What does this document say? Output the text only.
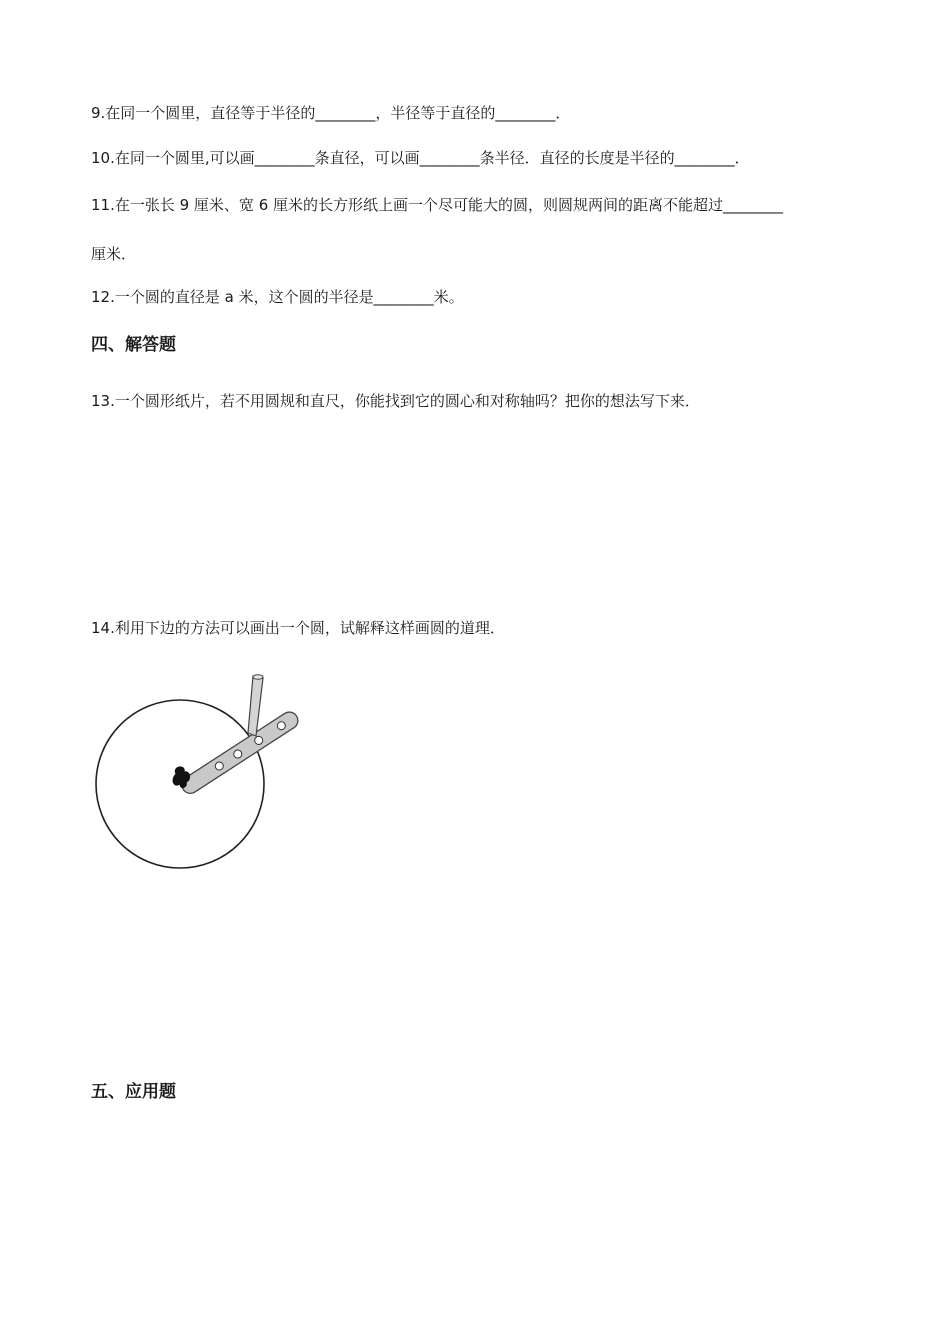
9.在同一个圆里，直径等于半径的________，半径等于直径的________．
10.在同一个圆里,可以画________条直径，可以画________条半径．直径的长度是半径的________．
11.在一张长 9 厘米、宽 6 厘米的长方形纸上画一个尽可能大的圆，则圆规两间的距离不能超过________
厘米．
12.一个圆的直径是 a 米，这个圆的半径是________米。
四、解答题
13.一个圆形纸片，若不用圆规和直尺，你能找到它的圆心和对称轴吗？把你的想法写下来．
14.利用下边的方法可以画出一个圆，试解释这样画圆的道理．
五、应用题
